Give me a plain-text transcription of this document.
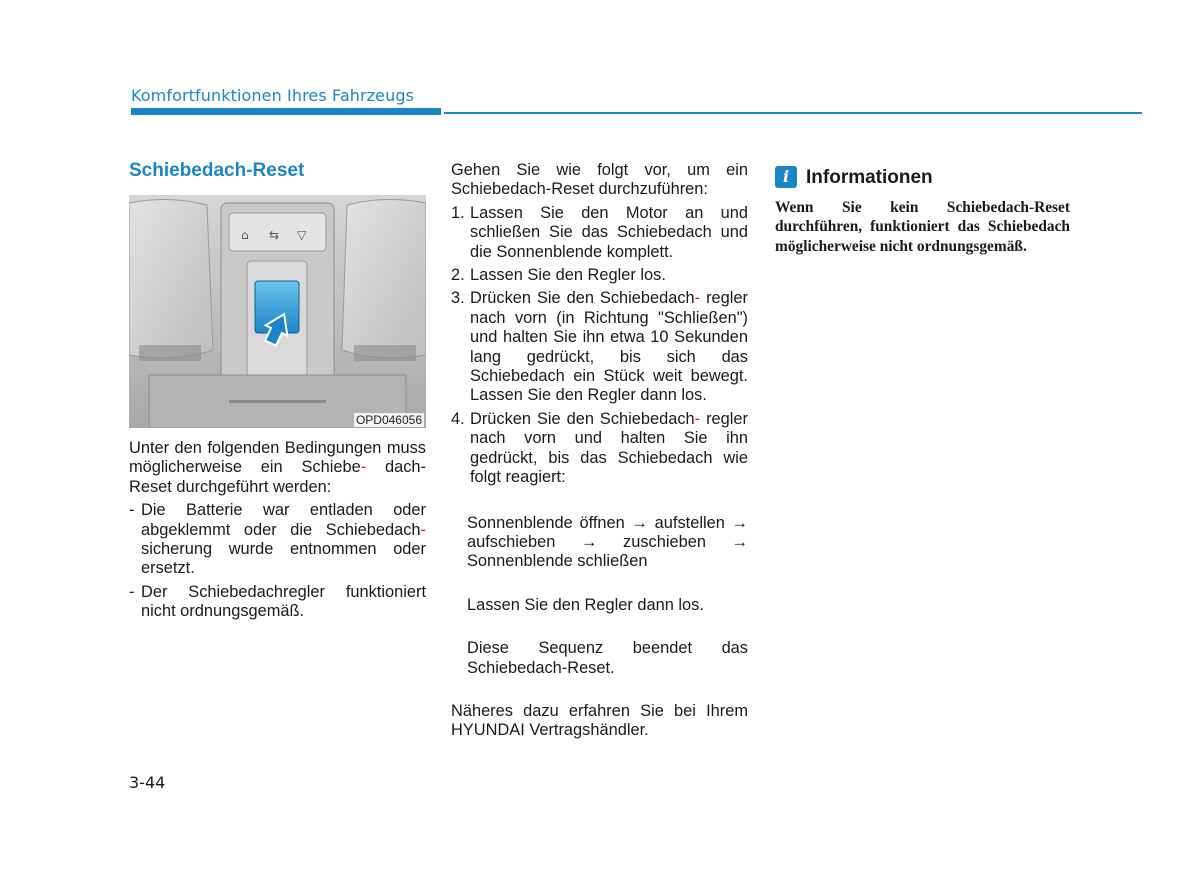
Komfortfunktionen Ihres Fahrzeugs
Schiebedach-Reset
⌂ ⇆ ▽
OPD046056

Unter den folgenden Bedingungen muss möglicherweise ein Schiebe- dach-Reset durchgeführt werden:

- Die Batterie war entladen oder abgeklemmt oder die Schiebedach- sicherung wurde entnommen oder ersetzt.
- Der Schiebedachregler funktioniert nicht ordnungsgemäß.

Gehen Sie wie folgt vor, um ein Schiebedach-Reset durchzuführen:

1. Lassen Sie den Motor an und schließen Sie das Schiebedach und die Sonnenblende komplett.
2. Lassen Sie den Regler los.
3. Drücken Sie den Schiebedach- regler nach vorn (in Richtung "Schließen") und halten Sie ihn etwa 10 Sekunden lang gedrückt, bis sich das Schiebedach ein Stück weit bewegt. Lassen Sie den Regler dann los.
4. Drücken Sie den Schiebedach- regler nach vorn und halten Sie ihn gedrückt, bis das Schiebedach wie folgt reagiert:

Sonnenblende öffnen → aufstellen → aufschieben → zuschieben → Sonnenblende schließen

Lassen Sie den Regler dann los.

Diese Sequenz beendet das Schiebedach-Reset.

Näheres dazu erfahren Sie bei Ihrem HYUNDAI Vertragshändler.

i Informationen
Wenn Sie kein Schiebedach-Reset durchführen, funktioniert das Schiebedach möglicherweise nicht ordnungsgemäß.
3-44
